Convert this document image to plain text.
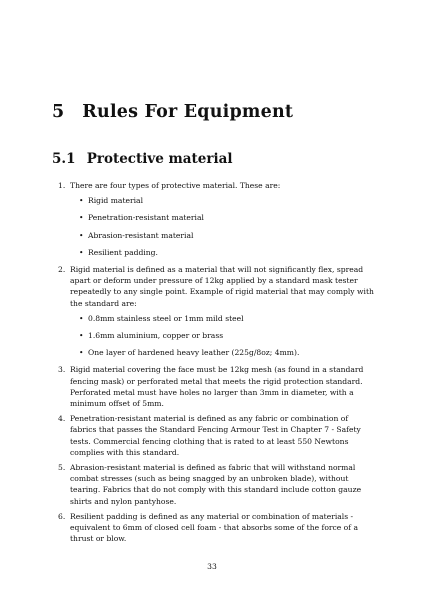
5 Rules For Equipment
5.1 Protective material
1. There are four types of protective material. These are:
• Rigid material
• Penetration-resistant material
• Abrasion-resistant material
• Resilient padding.
2. Rigid material is defined as a material that will not significantly flex, spread apart or deform under pressure of 12kg applied by a standard mask tester repeatedly to any single point. Example of rigid material that may comply with the standard are:
• 0.8mm stainless steel or 1mm mild steel
• 1.6mm aluminium, copper or brass
• One layer of hardened heavy leather (225g/8oz; 4mm).
3. Rigid material covering the face must be 12kg mesh (as found in a standard fencing mask) or perforated metal that meets the rigid protection standard. Perforated metal must have holes no larger than 3mm in diameter, with a minimum offset of 5mm.
4. Penetration-resistant material is defined as any fabric or combination of fabrics that passes the Standard Fencing Armour Test in Chapter 7 - Safety tests. Commercial fencing clothing that is rated to at least 550 Newtons complies with this standard.
5. Abrasion-resistant material is defined as fabric that will withstand normal combat stresses (such as being snagged by an unbroken blade), without tearing. Fabrics that do not comply with this standard include cotton gauze shirts and nylon pantyhose.
6. Resilient padding is defined as any material or combination of materials - equivalent to 6mm of closed cell foam - that absorbs some of the force of a thrust or blow.
33
